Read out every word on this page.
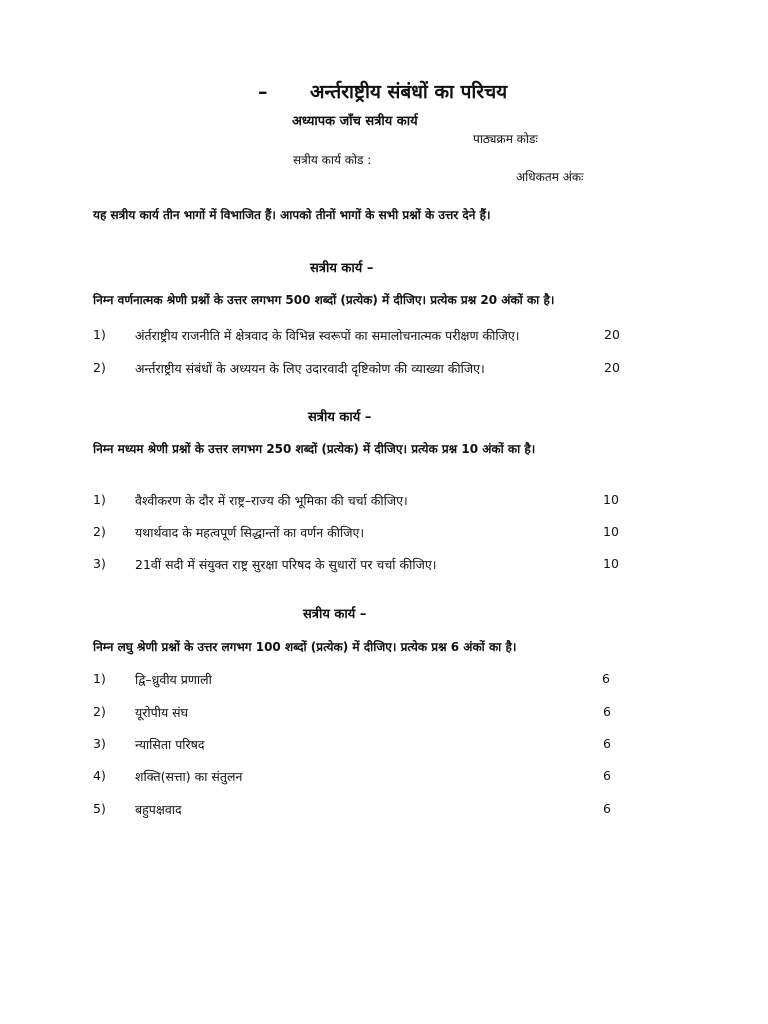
– अर्न्तराष्ट्रीय संबंधों का परिचय
अध्यापक जाँच सत्रीय कार्य
पाठ्यक्रम कोडः
सत्रीय कार्य कोड :
अधिकतम अंकः
यह सत्रीय कार्य तीन भागों में विभाजित हैं। आपको तीनों भागों के सभी प्रश्नों के उत्तर देने हैं।
सत्रीय कार्य –
निम्न वर्णनात्मक श्रेणी प्रश्नों के उत्तर लगभग 500 शब्दों (प्रत्येक) में दीजिए। प्रत्येक प्रश्न 20 अंकों का है।
1) अंर्तराष्ट्रीय राजनीति में क्षेत्रवाद के विभिन्न स्वरूपों का समालोचनात्मक परीक्षण कीजिए।	20
2) अर्न्तराष्ट्रीय संबंधों के अध्ययन के लिए उदारवादी दृष्टिकोण की व्याख्या कीजिए।	20
सत्रीय कार्य –
निम्न मध्यम श्रेणी प्रश्नों के उत्तर लगभग 250 शब्दों (प्रत्येक) में दीजिए। प्रत्येक प्रश्न 10 अंकों का है।
1) वैश्वीकरण के दौर में राष्ट्र–राज्य की भूमिका की चर्चा कीजिए।	10
2) यथार्थवाद के महत्वपूर्ण सिद्धान्तों का वर्णन कीजिए।	10
3) 21वीं सदी में संयुक्त राष्ट्र सुरक्षा परिषद के सुधारों पर चर्चा कीजिए।	10
सत्रीय कार्य –
निम्न लघु श्रेणी प्रश्नों के उत्तर लगभग 100 शब्दों (प्रत्येक) में दीजिए। प्रत्येक प्रश्न 6 अंकों का है।
1) द्वि–ध्रुवीय प्रणाली	6
2) यूरोपीय संघ	6
3) न्यासिता परिषद	6
4) शक्ति(सत्ता) का संतुलन	6
5) बहुपक्षवाद	6
